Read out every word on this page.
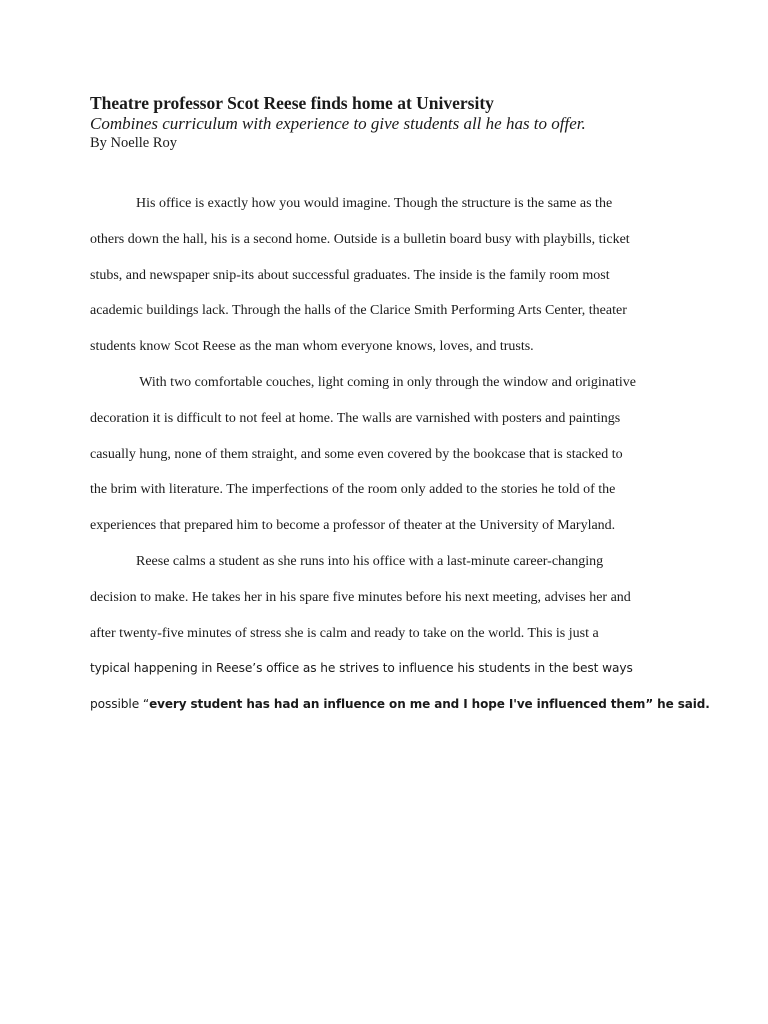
Theatre professor Scot Reese finds home at University

Combines curriculum with experience to give students all he has to offer.

By Noelle Roy

His office is exactly how you would imagine. Though the structure is the same as the
others down the hall, his is a second home. Outside is a bulletin board busy with playbills, ticket
stubs, and newspaper snip-its about successful graduates. The inside is the family room most
academic buildings lack. Through the halls of the Clarice Smith Performing Arts Center, theater
students know Scot Reese as the man whom everyone knows, loves, and trusts.

With two comfortable couches, light coming in only through the window and originative
decoration it is difficult to not feel at home. The walls are varnished with posters and paintings
casually hung, none of them straight, and some even covered by the bookcase that is stacked to
the brim with literature. The imperfections of the room only added to the stories he told of the
experiences that prepared him to become a professor of theater at the University of Maryland.

Reese calms a student as she runs into his office with a last-minute career-changing
decision to make. He takes her in his spare five minutes before his next meeting, advises her and
after twenty-five minutes of stress she is calm and ready to take on the world. This is just a
typical happening in Reese’s office as he strives to influence his students in the best ways
possible “every student has had an influence on me and I hope I've influenced them” he said.
